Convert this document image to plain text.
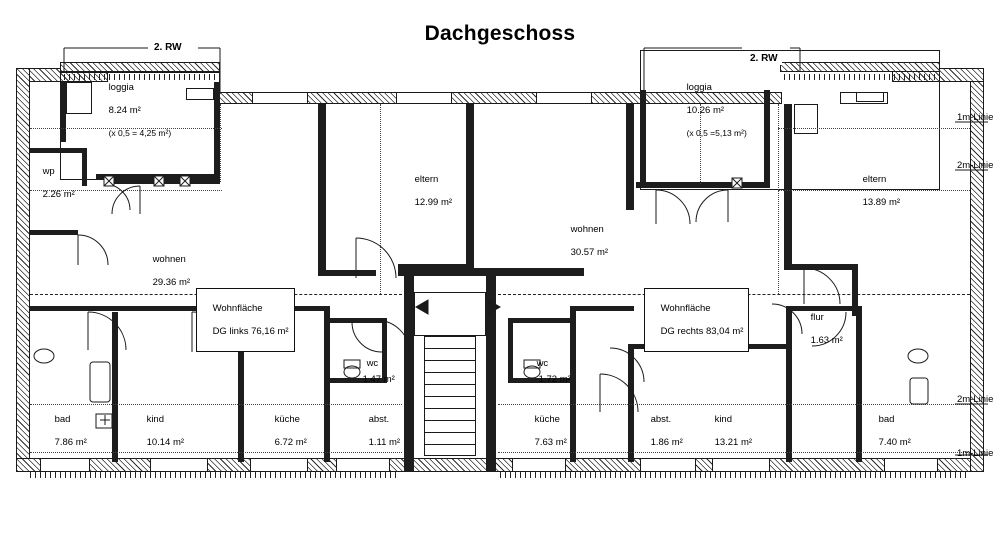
Dachgeschoss

loggia

8.24 m²

(x 0,5 = 4,25 m²)

wp

2.26 m²

wohnen

29.36 m²

eltern

12.99 m²

bad

7.86 m²

kind

10.14 m²

küche

6.72 m²

abst.

1.11 m²

wc

1.47 m²

loggia

10.26 m²

(x 0,5 =5,13 m²)

eltern

13.89 m²

wohnen

30.57 m²

flur

1.63 m²

wc

1.72 m²

küche

7.63 m²

abst.

1.86 m²

kind

13.21 m²

bad

7.40 m²

Wohnfläche

DG links 76,16 m²

Wohnfläche

DG rechts 83,04 m²

2. RW
2. RW
1m-Linie
2m-Linie
2m-Linie
1m-Linie
